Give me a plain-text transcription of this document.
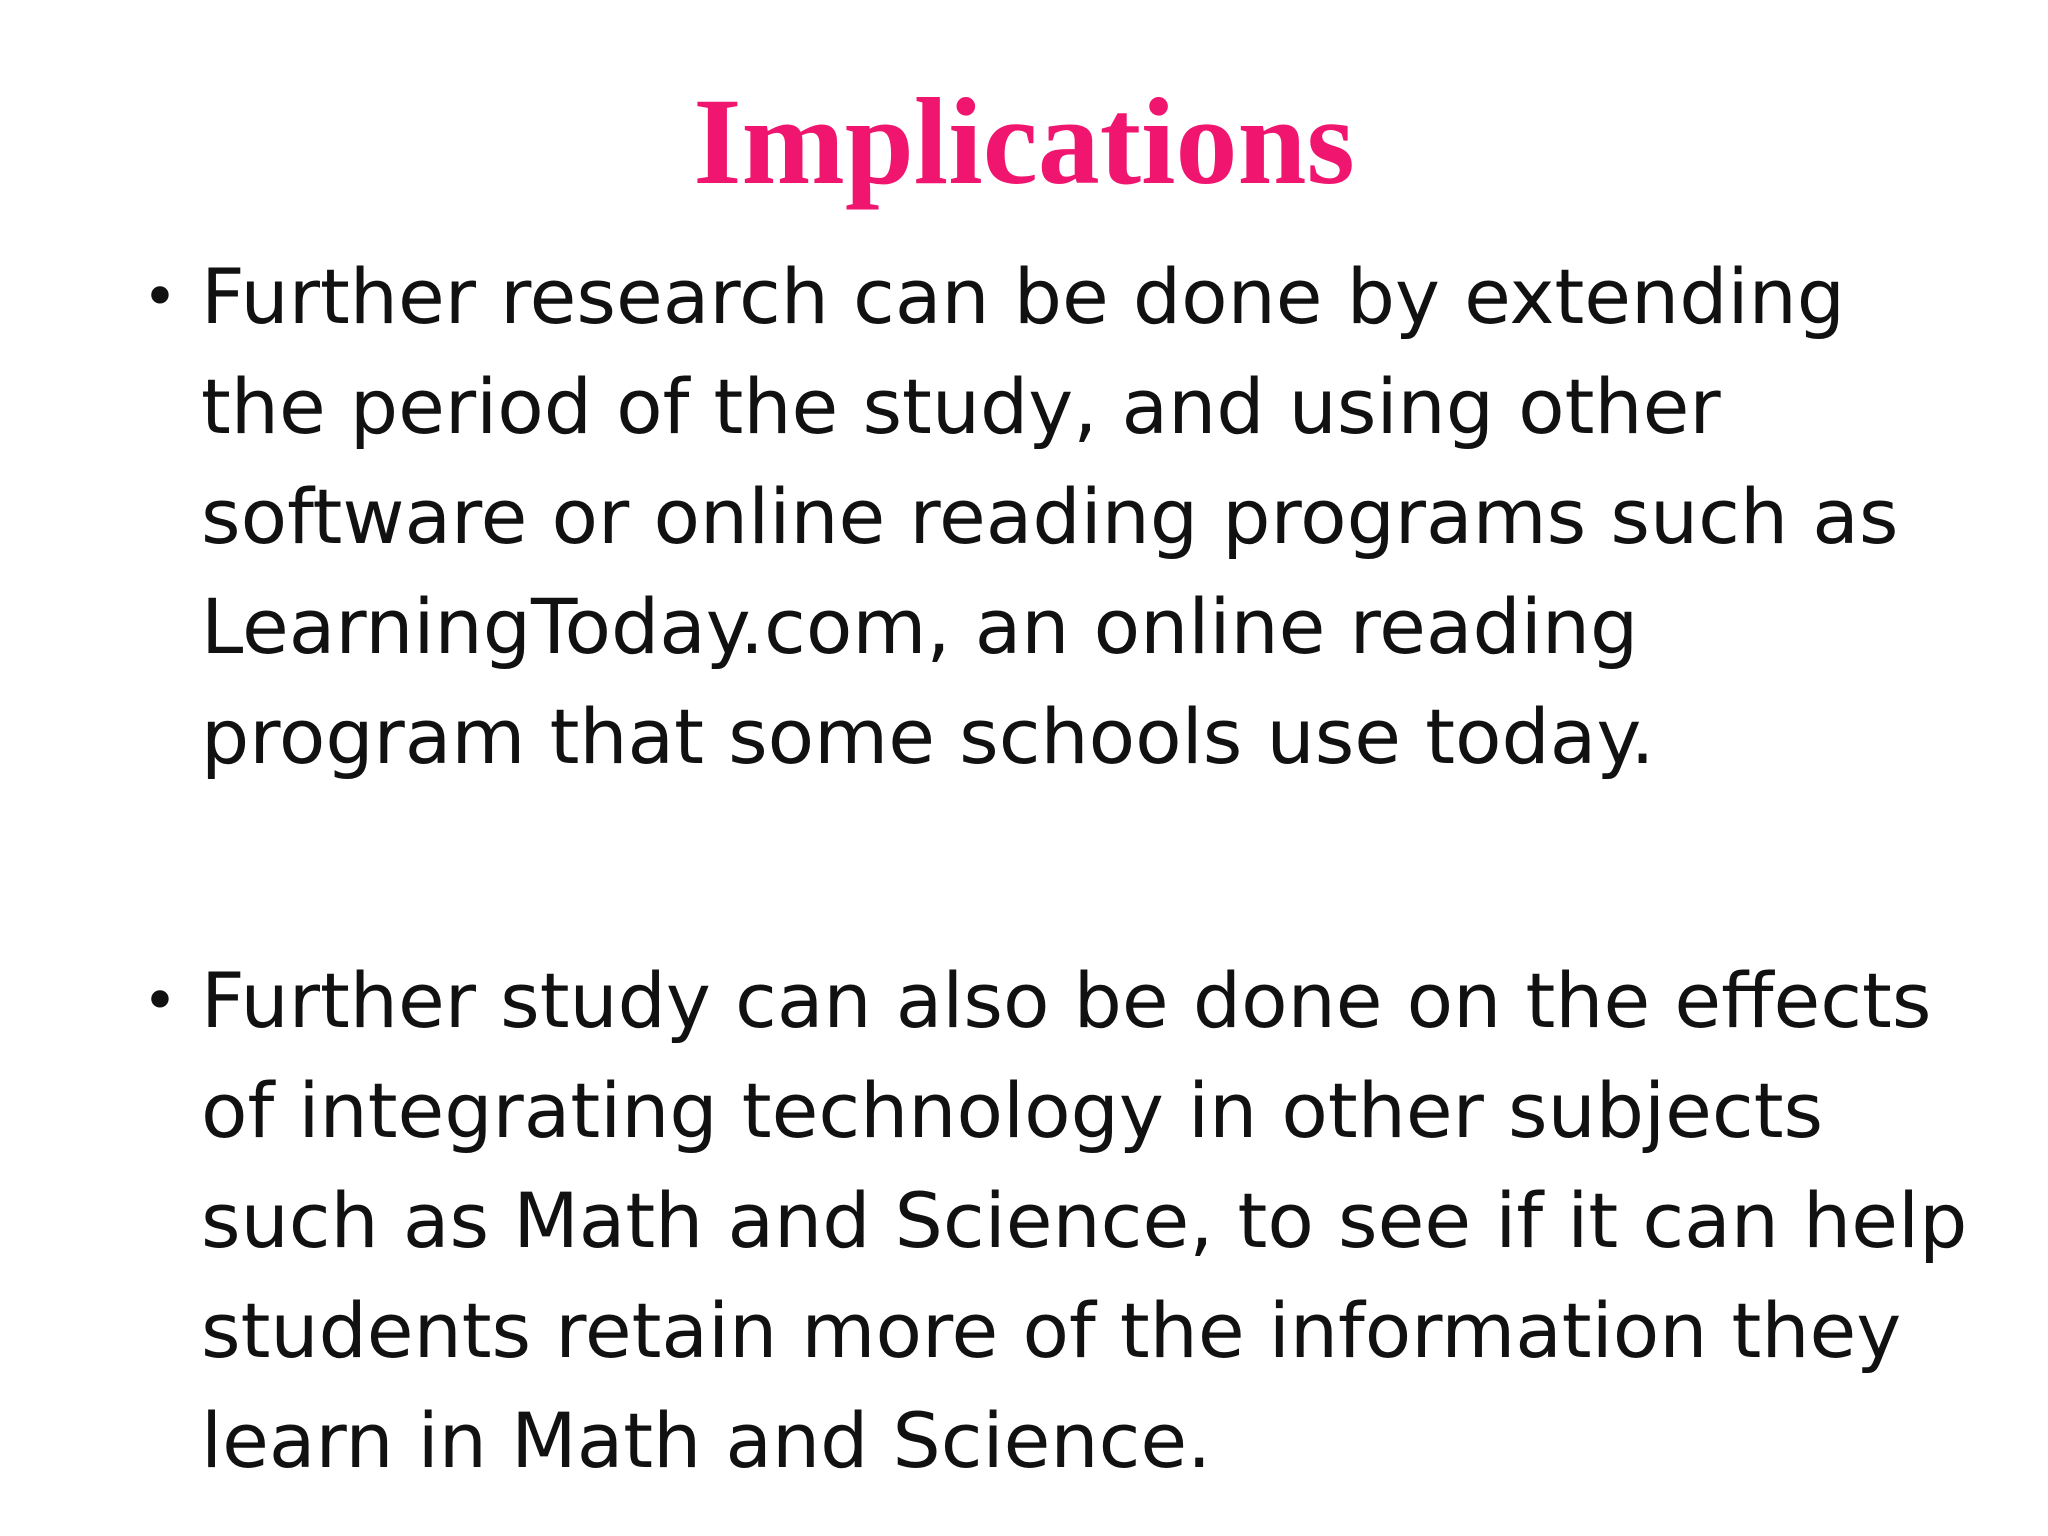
Implications
• Further research can be done by extending
the period of the study, and using other
software or online reading programs such as
LearningToday.com, an online reading
program that some schools use today.
• Further study can also be done on the effects
of integrating technology in other subjects
such as Math and Science, to see if it can help
students retain more of the information they
learn in Math and Science.
